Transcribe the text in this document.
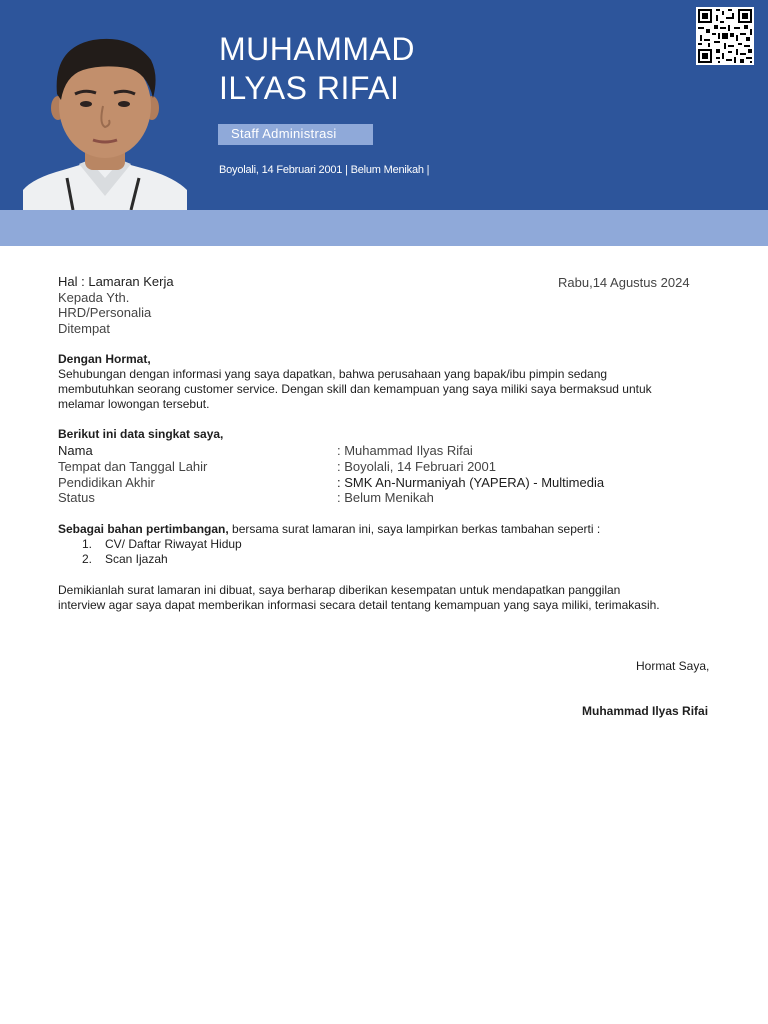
MUHAMMAD
ILYAS RIFAI
Staff Administrasi
Boyolali, 14 Februari 2001 | Belum Menikah |

Hal : Lamaran Kerja	Rabu,14 Agustus 2024

Kepada Yth.

HRD/Personalia

Ditempat

Dengan Hormat,

Sehubungan dengan informasi yang saya dapatkan, bahwa perusahaan yang bapak/ibu pimpin sedang
membutuhkan seorang customer service. Dengan skill dan kemampuan yang saya miliki saya bermaksud untuk
melamar lowongan tersebut.

Berikut ini data singkat saya,

Nama	: Muhammad Ilyas Rifai

Tempat dan Tanggal Lahir	: Boyolali, 14 Februari 2001

Pendidikan Akhir	: SMK An-Nurmaniyah (YAPERA) - Multimedia

Status	: Belum Menikah

Sebagai bahan pertimbangan, bersama surat lamaran ini, saya lampirkan berkas tambahan seperti :

1. CV/ Daftar Riwayat Hidup
2. Scan Ijazah
Demikianlah surat lamaran ini dibuat, saya berharap diberikan kesempatan untuk mendapatkan panggilan
interview agar saya dapat memberikan informasi secara detail tentang kemampuan yang saya miliki, terimakasih.

Hormat Saya,

Muhammad Ilyas Rifai
